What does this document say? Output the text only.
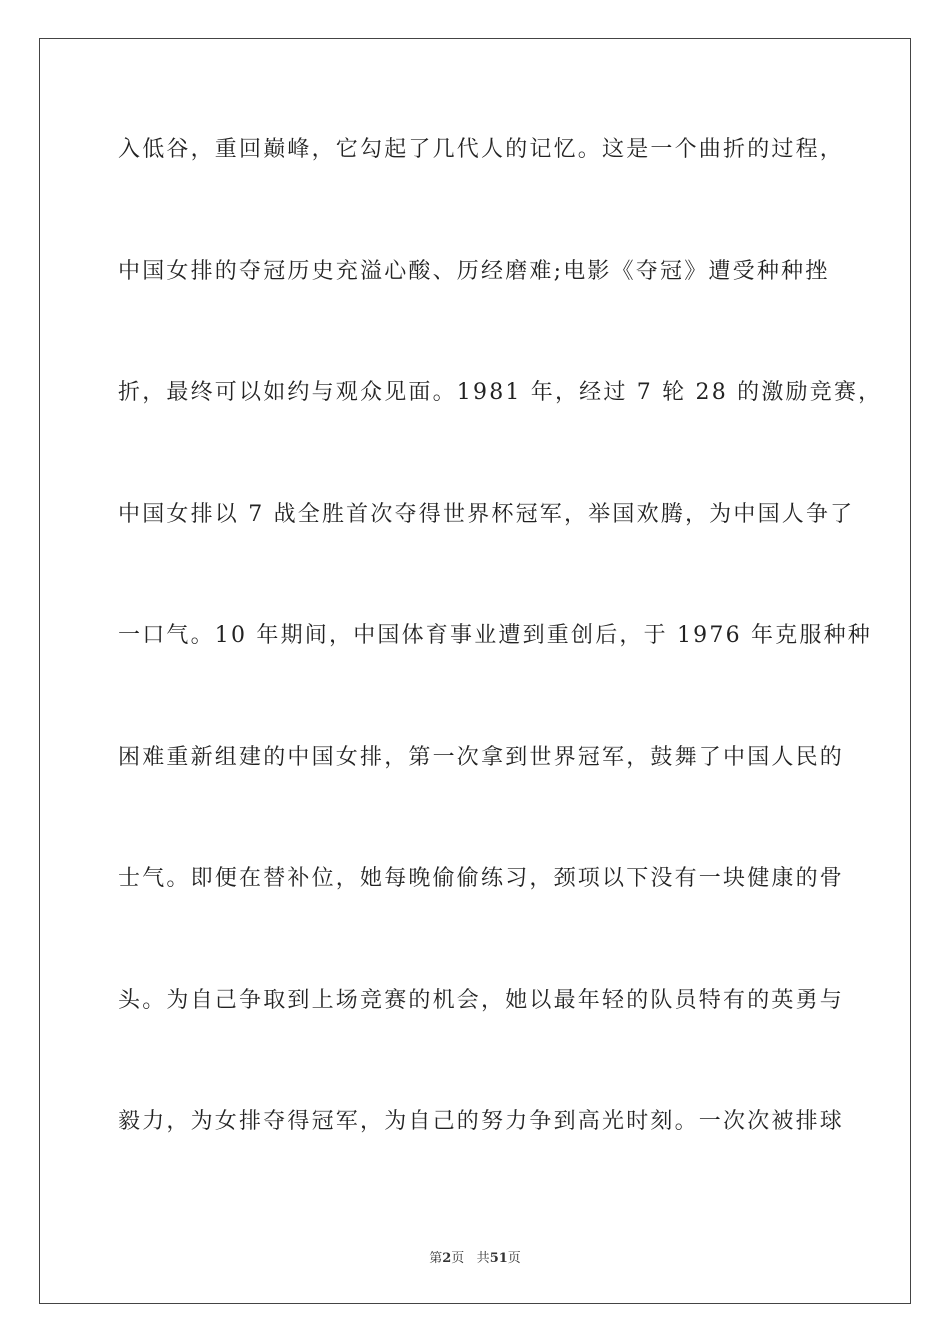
入低谷，重回巅峰，它勾起了几代人的记忆。这是一个曲折的过程，
中国女排的夺冠历史充溢心酸、历经磨难;电影《夺冠》遭受种种挫
折，最终可以如约与观众见面。1981 年，经过 7 轮 28 的激励竞赛，
中国女排以 7 战全胜首次夺得世界杯冠军，举国欢腾，为中国人争了
一口气。10 年期间，中国体育事业遭到重创后，于 1976 年克服种种
困难重新组建的中国女排，第一次拿到世界冠军，鼓舞了中国人民的
士气。即便在替补位，她每晚偷偷练习，颈项以下没有一块健康的骨
头。为自己争取到上场竞赛的机会，她以最年轻的队员特有的英勇与
毅力，为女排夺得冠军，为自己的努力争到高光时刻。一次次被排球
第2页 共51页
